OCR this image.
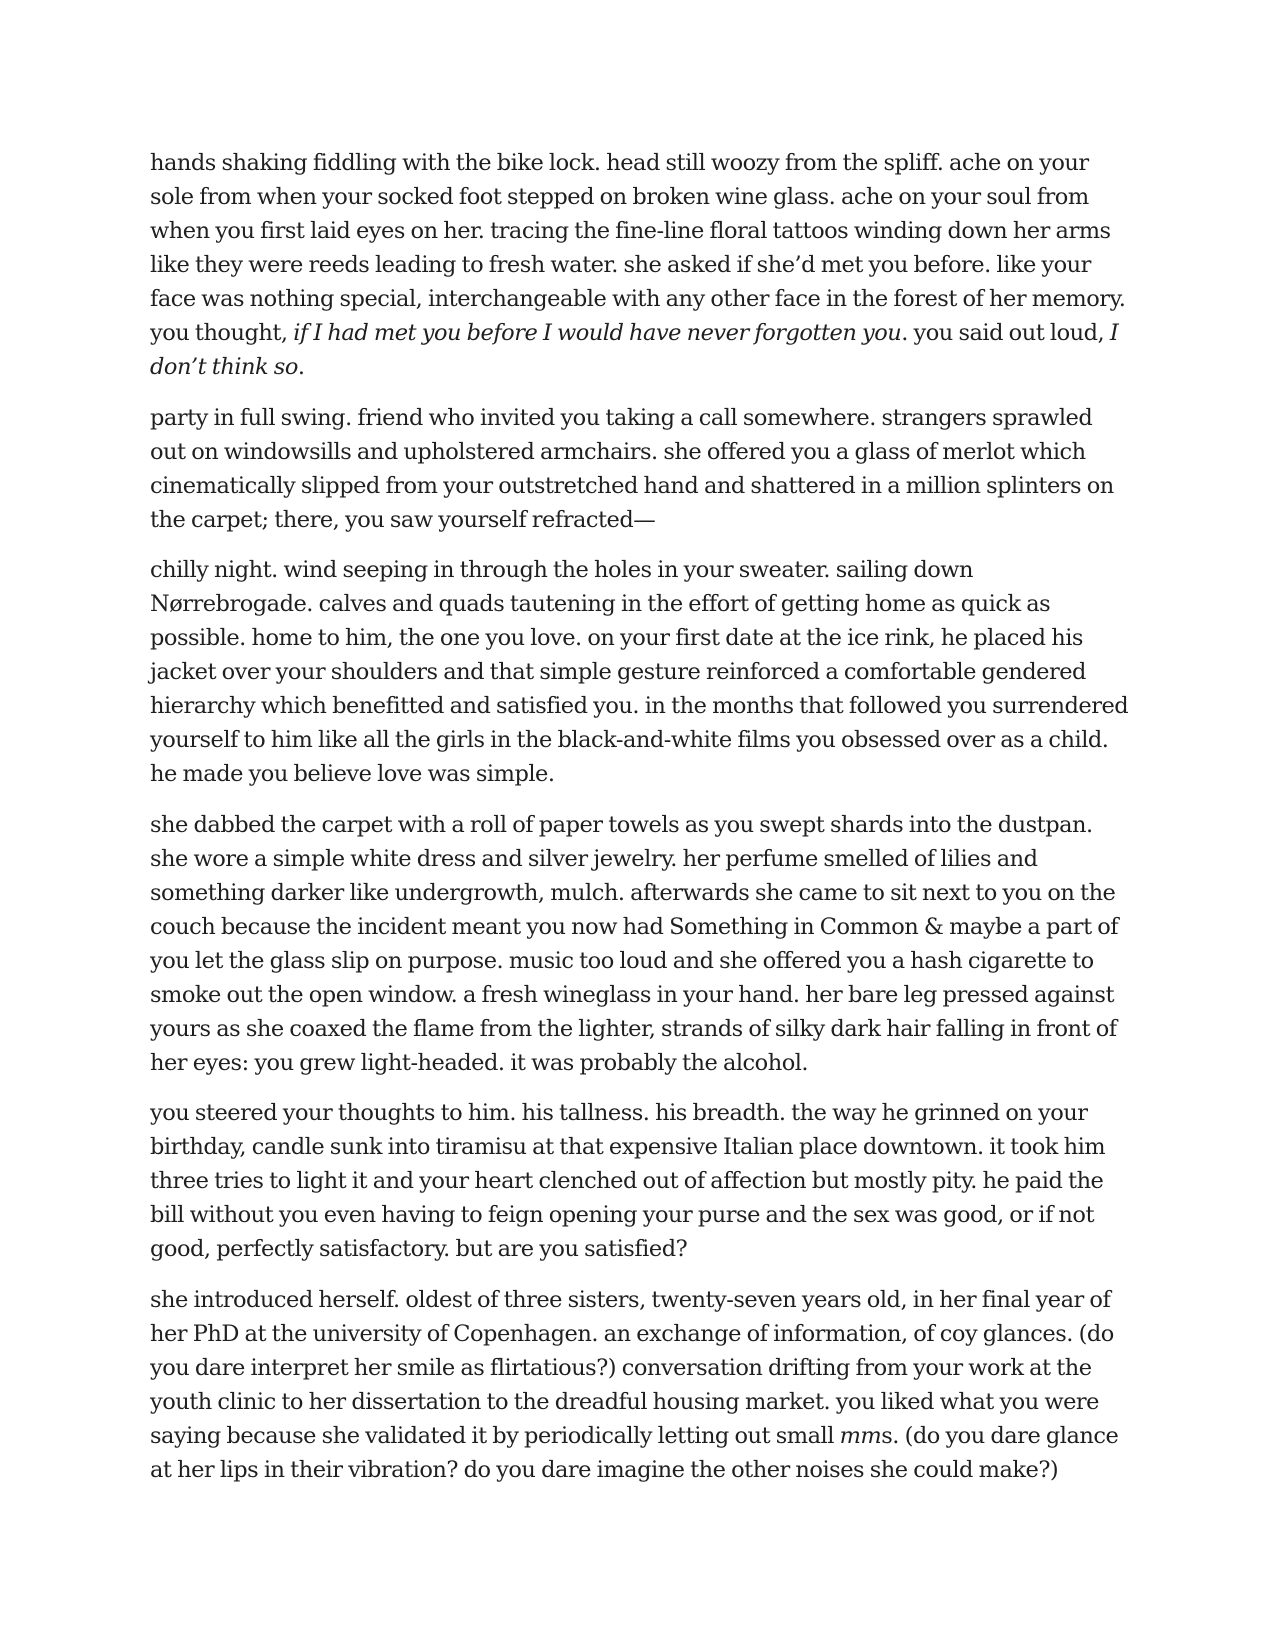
hands shaking fiddling with the bike lock. head still woozy from the spliff. ache on your sole from when your socked foot stepped on broken wine glass. ache on your soul from when you first laid eyes on her. tracing the fine-line floral tattoos winding down her arms like they were reeds leading to fresh water. she asked if she’d met you before. like your face was nothing special, interchangeable with any other face in the forest of her memory. you thought, if I had met you before I would have never forgotten you. you said out loud, I don’t think so.

party in full swing. friend who invited you taking a call somewhere. strangers sprawled out on windowsills and upholstered armchairs. she offered you a glass of merlot which cinematically slipped from your outstretched hand and shattered in a million splinters on the carpet; there, you saw yourself refracted—

chilly night. wind seeping in through the holes in your sweater. sailing down Nørrebrogade. calves and quads tautening in the effort of getting home as quick as possible. home to him, the one you love. on your first date at the ice rink, he placed his jacket over your shoulders and that simple gesture reinforced a comfortable gendered hierarchy which benefitted and satisfied you. in the months that followed you surrendered yourself to him like all the girls in the black-and-white films you obsessed over as a child. he made you believe love was simple.

she dabbed the carpet with a roll of paper towels as you swept shards into the dustpan. she wore a simple white dress and silver jewelry. her perfume smelled of lilies and something darker like undergrowth, mulch. afterwards she came to sit next to you on the couch because the incident meant you now had Something in Common & maybe a part of you let the glass slip on purpose. music too loud and she offered you a hash cigarette to smoke out the open window. a fresh wineglass in your hand. her bare leg pressed against yours as she coaxed the flame from the lighter, strands of silky dark hair falling in front of her eyes: you grew light-headed. it was probably the alcohol.

you steered your thoughts to him. his tallness. his breadth. the way he grinned on your birthday, candle sunk into tiramisu at that expensive Italian place downtown. it took him three tries to light it and your heart clenched out of affection but mostly pity. he paid the bill without you even having to feign opening your purse and the sex was good, or if not good, perfectly satisfactory. but are you satisfied?

she introduced herself. oldest of three sisters, twenty-seven years old, in her final year of her PhD at the university of Copenhagen. an exchange of information, of coy glances. (do you dare interpret her smile as flirtatious?) conversation drifting from your work at the youth clinic to her dissertation to the dreadful housing market. you liked what you were saying because she validated it by periodically letting out small mms. (do you dare glance at her lips in their vibration? do you dare imagine the other noises she could make?)
